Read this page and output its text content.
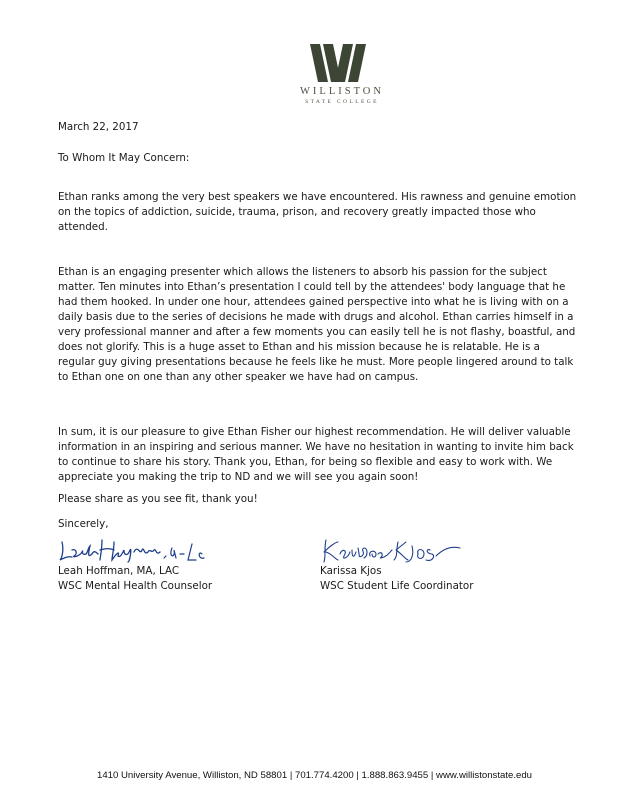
WILLISTON
STATE COLLEGE
March 22, 2017
To Whom It May Concern:

Ethan ranks among the very best speakers we have encountered. His rawness and genuine emotion on the topics of addiction, suicide, trauma, prison, and recovery greatly impacted those who attended.

Ethan is an engaging presenter which allows the listeners to absorb his passion for the subject matter. Ten minutes into Ethan’s presentation I could tell by the attendees' body language that he had them hooked. In under one hour, attendees gained perspective into what he is living with on a daily basis due to the series of decisions he made with drugs and alcohol. Ethan carries himself in a very professional manner and after a few moments you can easily tell he is not flashy, boastful, and does not glorify. This is a huge asset to Ethan and his mission because he is relatable. He is a regular guy giving presentations because he feels like he must. More people lingered around to talk to Ethan one on one than any other speaker we have had on campus.

In sum, it is our pleasure to give Ethan Fisher our highest recommendation. He will deliver valuable information in an inspiring and serious manner. We have no hesitation in wanting to invite him back to continue to share his story. Thank you, Ethan, for being so flexible and easy to work with. We appreciate you making the trip to ND and we will see you again soon!

Please share as you see fit, thank you!

Sincerely,
Leah Hoffman, MA, LAC
WSC Mental Health Counselor
Karissa Kjos
WSC Student Life Coordinator
1410 University Avenue, Williston, ND 58801 | 701.774.4200 | 1.888.863.9455 | www.willistonstate.edu
